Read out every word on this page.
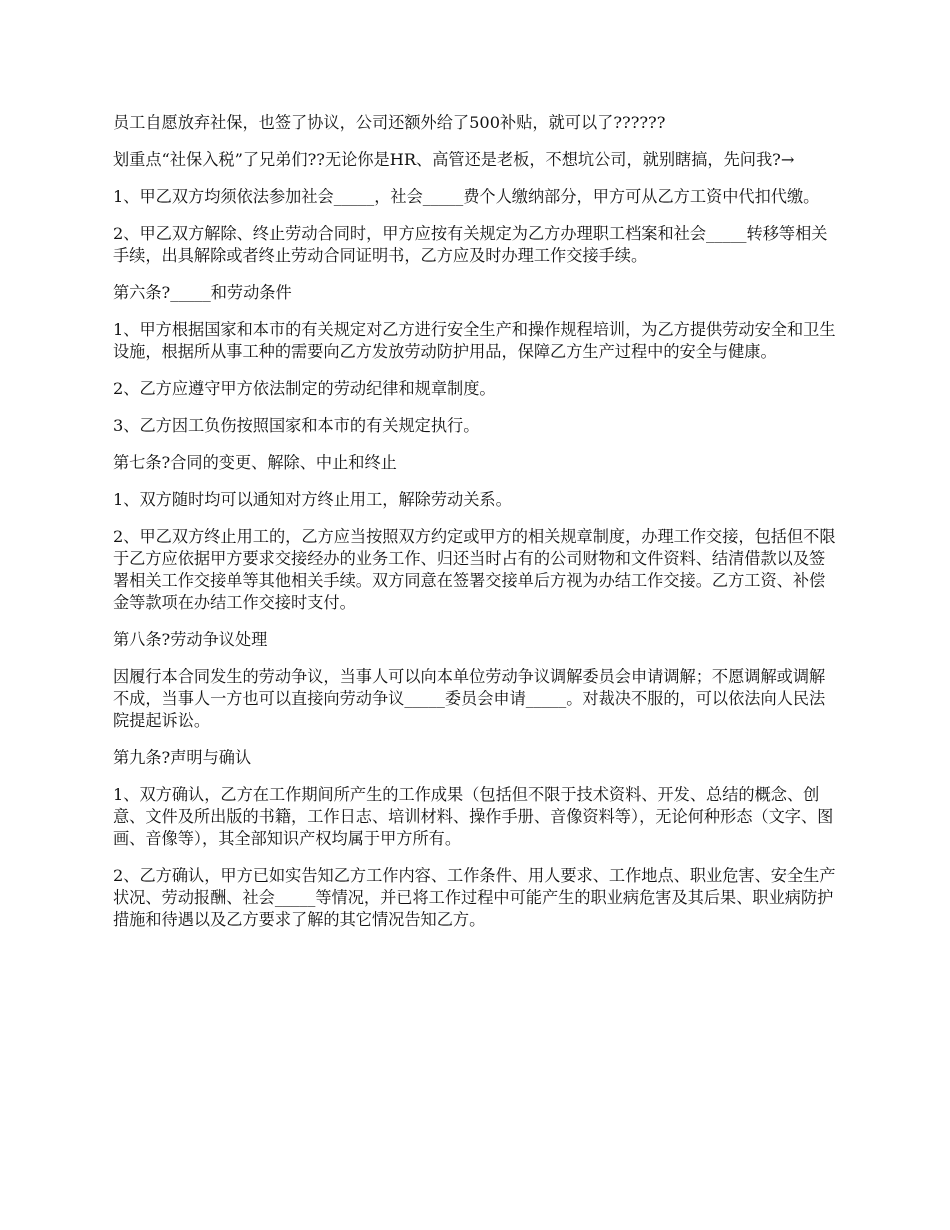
员工自愿放弃社保，也签了协议，公司还额外给了500补贴，就可以了??????

划重点“社保入税”了兄弟们??无论你是HR、高管还是老板，不想坑公司，就别瞎搞，先问我?→

1、甲乙双方均须依法参加社会_____，社会_____费个人缴纳部分，甲方可从乙方工资中代扣代缴。

2、甲乙双方解除、终止劳动合同时，甲方应按有关规定为乙方办理职工档案和社会_____转移等相关手续，出具解除或者终止劳动合同证明书，乙方应及时办理工作交接手续。

第六条?_____和劳动条件

1、甲方根据国家和本市的有关规定对乙方进行安全生产和操作规程培训，为乙方提供劳动安全和卫生设施，根据所从事工种的需要向乙方发放劳动防护用品，保障乙方生产过程中的安全与健康。

2、乙方应遵守甲方依法制定的劳动纪律和规章制度。

3、乙方因工负伤按照国家和本市的有关规定执行。

第七条?合同的变更、解除、中止和终止

1、双方随时均可以通知对方终止用工，解除劳动关系。

2、甲乙双方终止用工的，乙方应当按照双方约定或甲方的相关规章制度，办理工作交接，包括但不限于乙方应依据甲方要求交接经办的业务工作、归还当时占有的公司财物和文件资料、结清借款以及签署相关工作交接单等其他相关手续。双方同意在签署交接单后方视为办结工作交接。乙方工资、补偿金等款项在办结工作交接时支付。

第八条?劳动争议处理

因履行本合同发生的劳动争议，当事人可以向本单位劳动争议调解委员会申请调解；不愿调解或调解不成，当事人一方也可以直接向劳动争议_____委员会申请_____。对裁决不服的，可以依法向人民法院提起诉讼。

第九条?声明与确认

1、双方确认，乙方在工作期间所产生的工作成果（包括但不限于技术资料、开发、总结的概念、创意、文件及所出版的书籍，工作日志、培训材料、操作手册、音像资料等），无论何种形态（文字、图画、音像等），其全部知识产权均属于甲方所有。

2、乙方确认，甲方已如实告知乙方工作内容、工作条件、用人要求、工作地点、职业危害、安全生产状况、劳动报酬、社会_____等情况，并已将工作过程中可能产生的职业病危害及其后果、职业病防护措施和待遇以及乙方要求了解的其它情况告知乙方。
